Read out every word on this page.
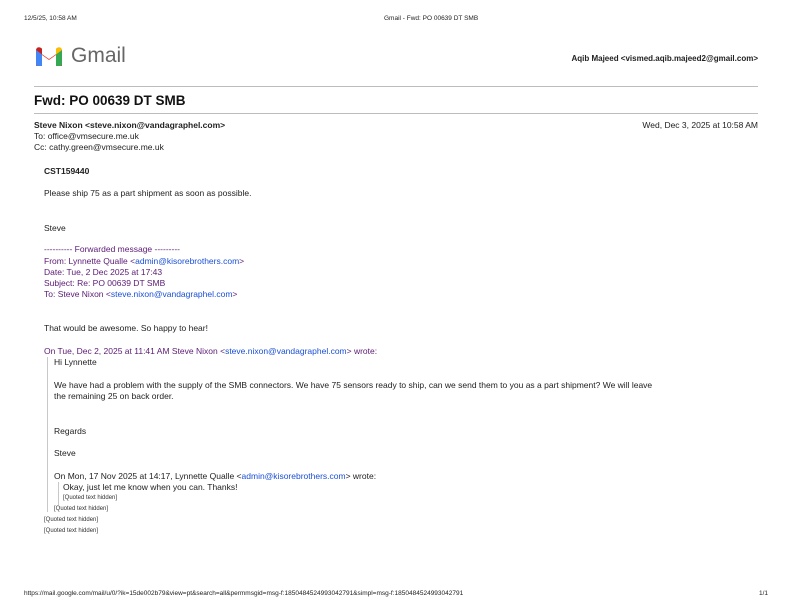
12/5/25, 10:58 AM	Gmail - Fwd: PO 00639 DT SMB
Gmail	Aqib Majeed <vismed.aqib.majeed2@gmail.com>
Fwd: PO 00639 DT SMB
Steve Nixon <steve.nixon@vandagraphel.com>	Wed, Dec 3, 2025 at 10:58 AM
To: office@vmsecure.me.uk
Cc: cathy.green@vmsecure.me.uk
CST159440
Please ship 75 as a part shipment as soon as possible.
Steve
---------- Forwarded message ---------
From: Lynnette Qualle <admin@kisorebrothers.com>
Date: Tue, 2 Dec 2025 at 17:43
Subject: Re: PO 00639 DT SMB
To: Steve Nixon <steve.nixon@vandagraphel.com>
That would be awesome. So happy to hear!
On Tue, Dec 2, 2025 at 11:41 AM Steve Nixon <steve.nixon@vandagraphel.com> wrote:
Hi Lynnette
We have had a problem with the supply of the SMB connectors. We have 75 sensors ready to ship, can we send them to you as a part shipment? We will leave
the remaining 25 on back order.
Regards
Steve
On Mon, 17 Nov 2025 at 14:17, Lynnette Qualle <admin@kisorebrothers.com> wrote:
Okay, just let me know when you can. Thanks!
[Quoted text hidden]
[Quoted text hidden]
[Quoted text hidden]
[Quoted text hidden]
https://mail.google.com/mail/u/0/?ik=15de002b79&view=pt&search=all&permmsgid=msg-f:1850484524993042791&simpl=msg-f:1850484524993042791	1/1
